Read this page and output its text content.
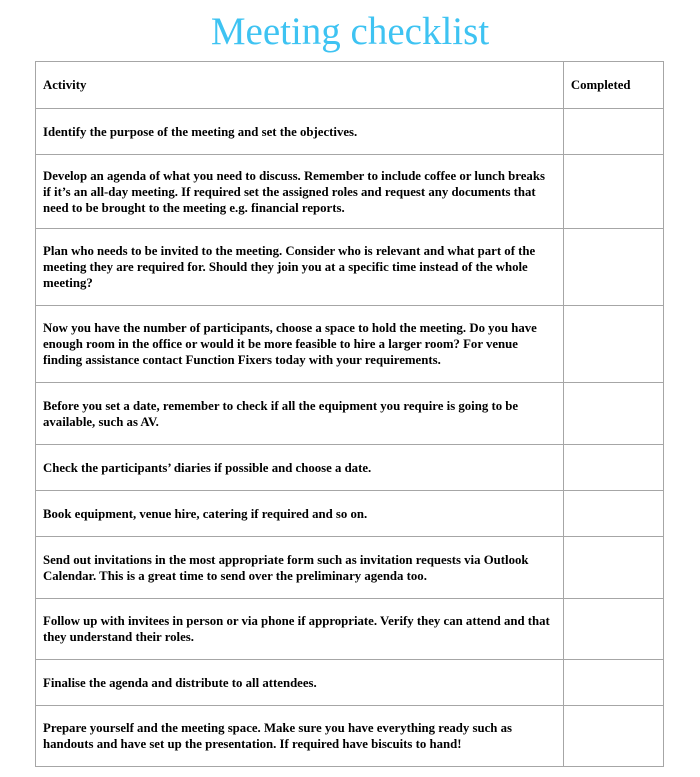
Meeting checklist
Activity	Completed
Identify the purpose of the meeting and set the objectives.	
Develop an agenda of what you need to discuss. Remember to include coffee or lunch breaks if it’s an all-day meeting. If required set the assigned roles and request any documents that need to be brought to the meeting e.g. financial reports.	
Plan who needs to be invited to the meeting. Consider who is relevant and what part of the meeting they are required for. Should they join you at a specific time instead of the whole meeting?	
Now you have the number of participants, choose a space to hold the meeting. Do you have enough room in the office or would it be more feasible to hire a larger room? For venue finding assistance contact Function Fixers today with your requirements.	
Before you set a date, remember to check if all the equipment you require is going to be available, such as AV.	
Check the participants’ diaries if possible and choose a date.	
Book equipment, venue hire, catering if required and so on.	
Send out invitations in the most appropriate form such as invitation requests via Outlook Calendar. This is a great time to send over the preliminary agenda too.	
Follow up with invitees in person or via phone if appropriate. Verify they can attend and that they understand their roles.	
Finalise the agenda and distribute to all attendees.	
Prepare yourself and the meeting space. Make sure you have everything ready such as handouts and have set up the presentation. If required have biscuits to hand!	
